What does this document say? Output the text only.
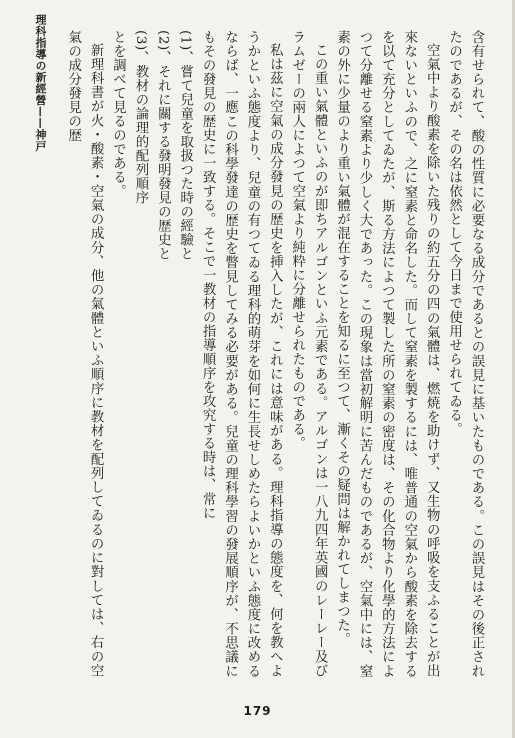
理科指導の新經營——神戸	含有せられて、酸の性質に必要なる成分であるとの誤見に基いたものである。この誤見はその後正されたのであるが、その名は依然として今日まで使用せられてゐる。

空氣中より酸素を除いた残りの約五分の四の氣體は、燃焼を助けず、又生物の呼吸を支ふることが出來ないといふので、之に窒素と命名した。而して窒素を製するには、唯普通の空氣から酸素を除去するを以て充分としてゐたが、斯る方法によつて製した所の窒素の密度は、その化合物より化學的方法によつて分離せる窒素より少しく大であった。この現象は當初解明に苦んだものであるが、空氣中には、窒素の外に少量のより重い氣體が混在することを知るに至つて、漸くその疑問は解かれてしまつた。

この重い氣體といふのが即ちアルゴンといふ元素である。アルゴンは一八九四年英國のレーレー及びラムゼーの兩人によつて空氣より純粋に分離せられたものである。

私は茲に空氣の成分發見の歴史を挿入したが、これには意味がある。理科指導の態度を、何を教へようかといふ態度より、兒童の有つてゐる理科的萌芽を如何に生長せしめたらよいかといふ態度に改めるならば、一應この科學發達の歴史を瞥見してみる必要がある。兒童の理科學習の發展順序が、不思議にもその發見の歴史に一致する。そこで一教材の指導順序を攻究する時は、常に

(1)、嘗て兒童を取扱つた時の經驗と

(2)、それに關する發明發見の歴史と

(3)、教材の論理的配列順序

とを調べて見るのである。

新理科書が火・酸素・空氣の成分、他の氣體といふ順序に教材を配列してゐるのに對しては、右の空氣の成分發見の歴

179
